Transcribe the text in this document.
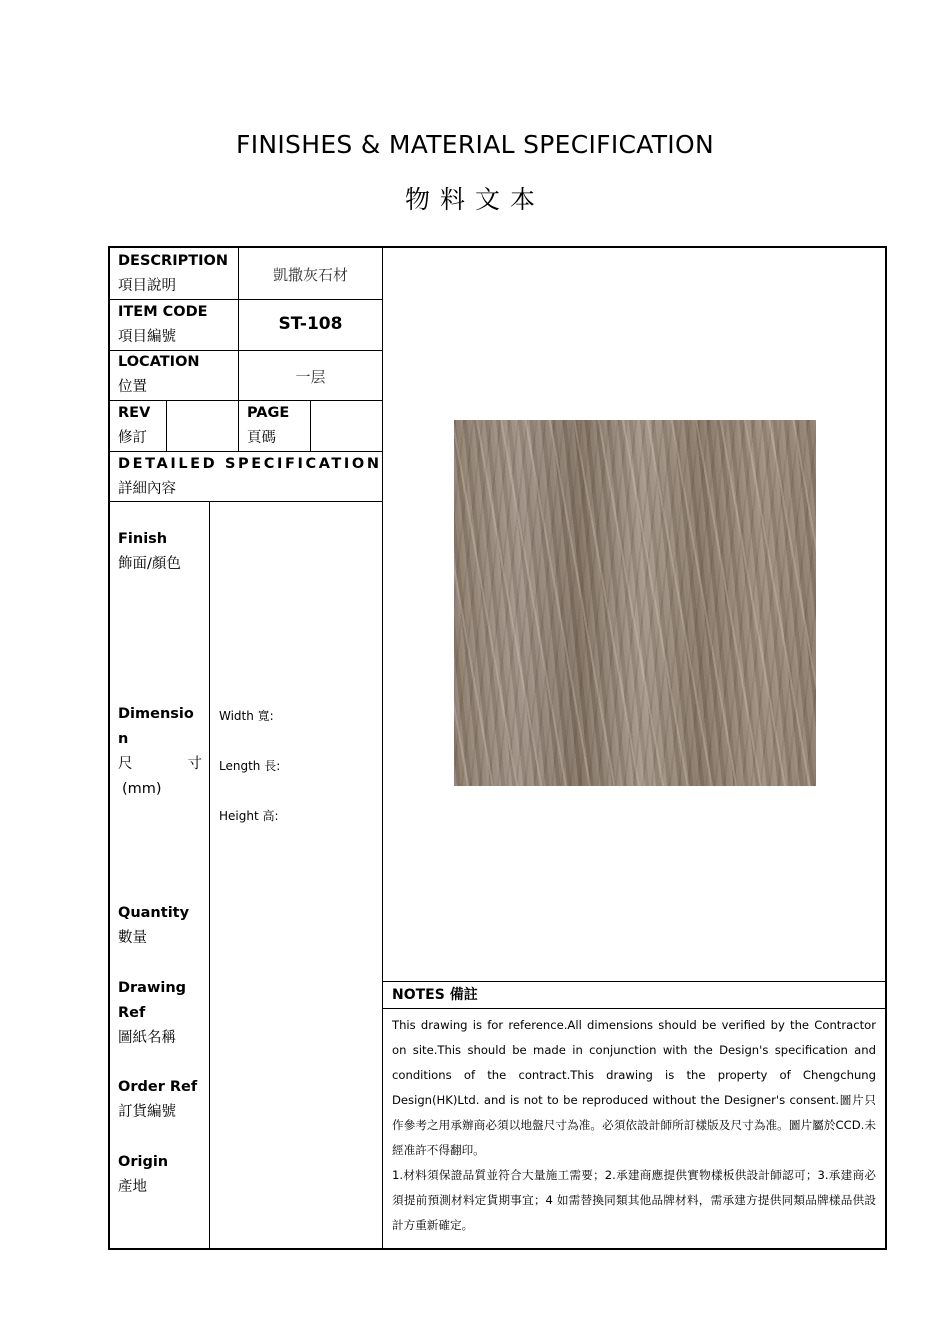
FINISHES & MATERIAL SPECIFICATION
物料文本
DESCRIPTION
項目說明
凱撒灰石材
ITEM CODE
項目編號
ST-108
LOCATION
位置
一层
REV
修訂
PAGE
頁碼
DETAILED SPECIFICATION
詳細內容
Finish
飾面/顏色
Dimensio
n
尺	寸
(mm)
Width 寬:
Length 長:
Height 高:
Quantity
數量
Drawing
Ref
圖紙名稱
Order Ref
訂貨編號
Origin
產地
NOTES 備註

This drawing is for reference.All dimensions should be verified by the Contractor on site.This should be made in conjunction with the Design's specification and conditions of the contract.This drawing is the property of Chengchung Design(HK)Ltd. and is not to be reproduced without the Designer's consent.圖片只作參考之用承辦商必須以地盤尺寸為准。必須依設計師所訂樣版及尺寸為准。圖片屬於CCD.未經准許不得翻印。

1.材料須保證品質並符合大量施工需要；2.承建商應提供實物樣板供設計師認可；3.承建商必須提前預測材料定貨期事宜；4 如需替換同類其他品牌材料，需承建方提供同類品牌樣品供設計方重新確定。
